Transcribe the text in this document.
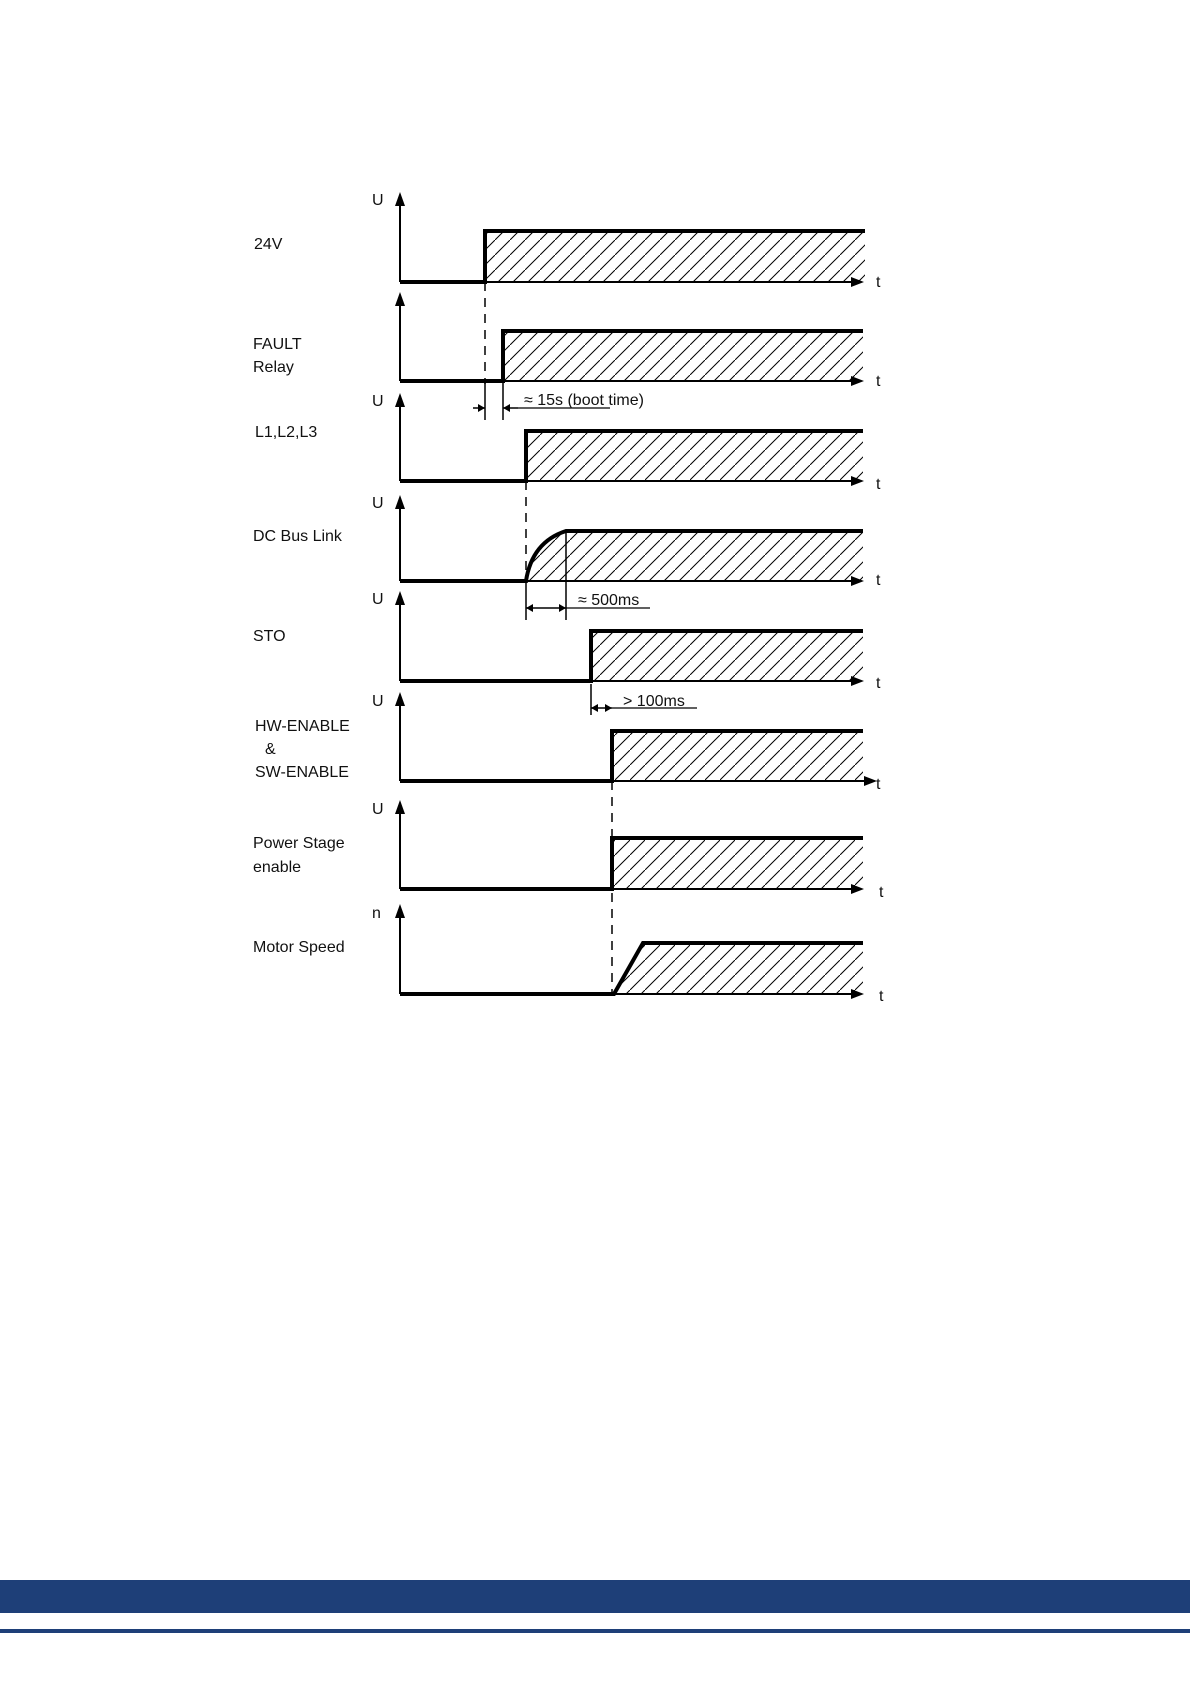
24V
U
t
FAULT Relay
t
≈ 15s (boot time)
L1,L2,L3
U
t
DC Bus Link
U
t
≈ 500ms
STO
U
t
> 100ms
HW-ENABLE & SW-ENABLE
U
t
Power Stage enable
U
t
Motor Speed
n
t
